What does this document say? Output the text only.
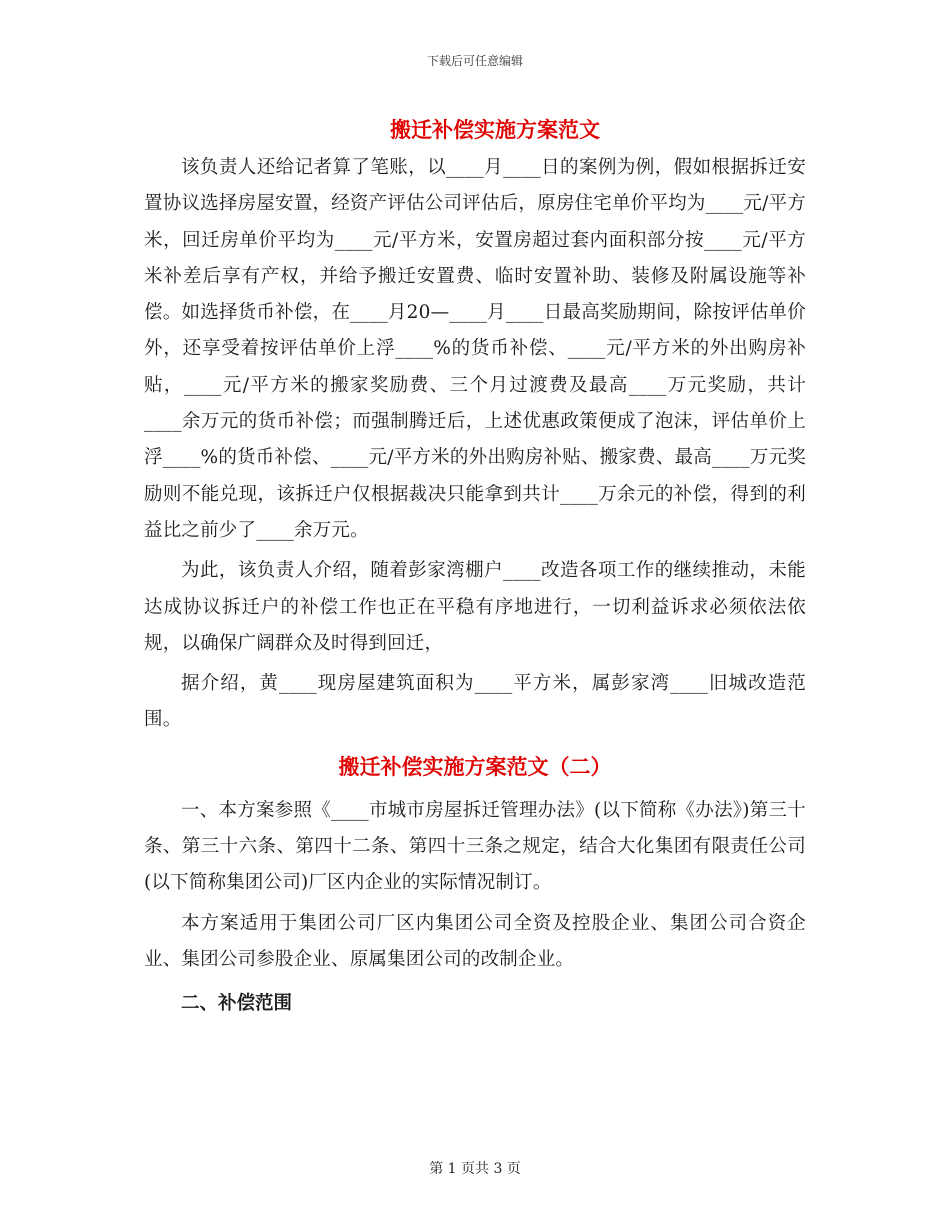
下载后可任意编辑
搬迁补偿实施方案范文

该负责人还给记者算了笔账，以____月____日的案例为例，假如根据拆迁安置协议选择房屋安置，经资产评估公司评估后，原房住宅单价平均为____元/平方米，回迁房单价平均为____元/平方米，安置房超过套内面积部分按____元/平方米补差后享有产权，并给予搬迁安置费、临时安置补助、装修及附属设施等补偿。如选择货币补偿，在____月20—____月____日最高奖励期间，除按评估单价外，还享受着按评估单价上浮____%的货币补偿、____元/平方米的外出购房补贴，____元/平方米的搬家奖励费、三个月过渡费及最高____万元奖励，共计____余万元的货币补偿；而强制腾迁后，上述优惠政策便成了泡沫，评估单价上浮____%的货币补偿、____元/平方米的外出购房补贴、搬家费、最高____万元奖励则不能兑现，该拆迁户仅根据裁决只能拿到共计____万余元的补偿，得到的利益比之前少了____余万元。

为此，该负责人介绍，随着彭家湾棚户____改造各项工作的继续推动，未能达成协议拆迁户的补偿工作也正在平稳有序地进行，一切利益诉求必须依法依规，以确保广阔群众及时得到回迁，

据介绍，黄____现房屋建筑面积为____平方米，属彭家湾____旧城改造范围。

搬迁补偿实施方案范文（二）

一、本方案参照《____市城市房屋拆迁管理办法》(以下简称《办法》)第三十条、第三十六条、第四十二条、第四十三条之规定，结合大化集团有限责任公司(以下简称集团公司)厂区内企业的实际情况制订。

本方案适用于集团公司厂区内集团公司全资及控股企业、集团公司合资企业、集团公司参股企业、原属集团公司的改制企业。

二、补偿范围
第 1 页共 3 页
